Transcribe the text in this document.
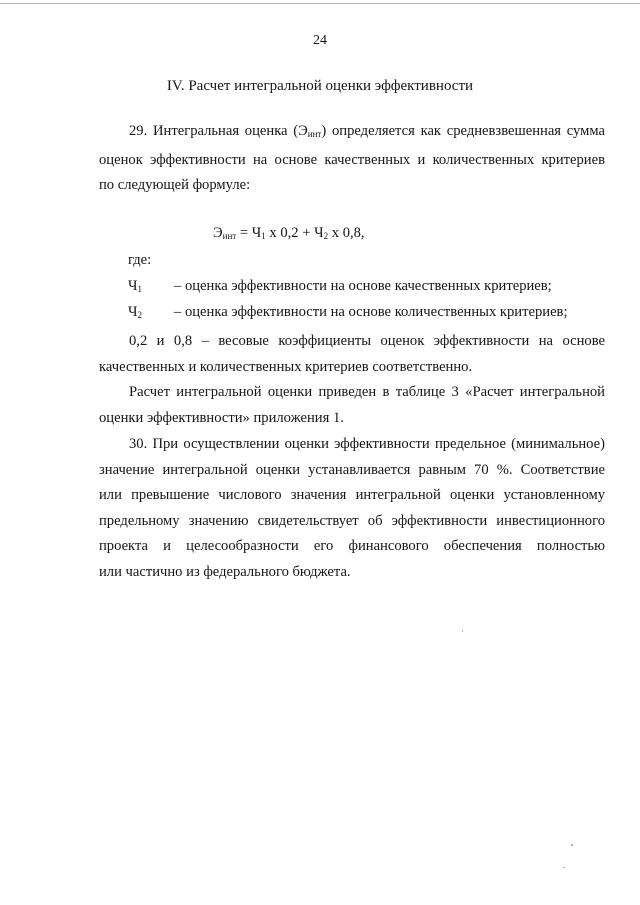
24
IV. Расчет интегральной оценки эффективности
29. Интегральная оценка $(Э_{инт})$ определяется как средневзвешенная сумма
оценок эффективности на основе качественных и количественных критериев
по следующей формуле:
$Э_{инт} = Ч_1$ х $0,2 + Ч_2$ х 0,8,
где:
$Ч_1$ – оценка эффективности на основе качественных критериев;
$Ч_2$ – оценка эффективности на основе количественных критериев;
0,2 и 0,8 – весовые коэффициенты оценок эффективности на основе
качественных и количественных критериев соответственно.
Расчет интегральной оценки приведен в таблице 3 «Расчет интегральной
оценки эффективности» приложения 1.
30. При осуществлении оценки эффективности предельное (минимальное)
значение интегральной оценки устанавливается равным 70 %. Соответствие
или превышение числового значения интегральной оценки установленному
предельному значению свидетельствует об эффективности инвестиционного
проекта и целесообразности его финансового обеспечения полностью
или частично из федерального бюджета.
